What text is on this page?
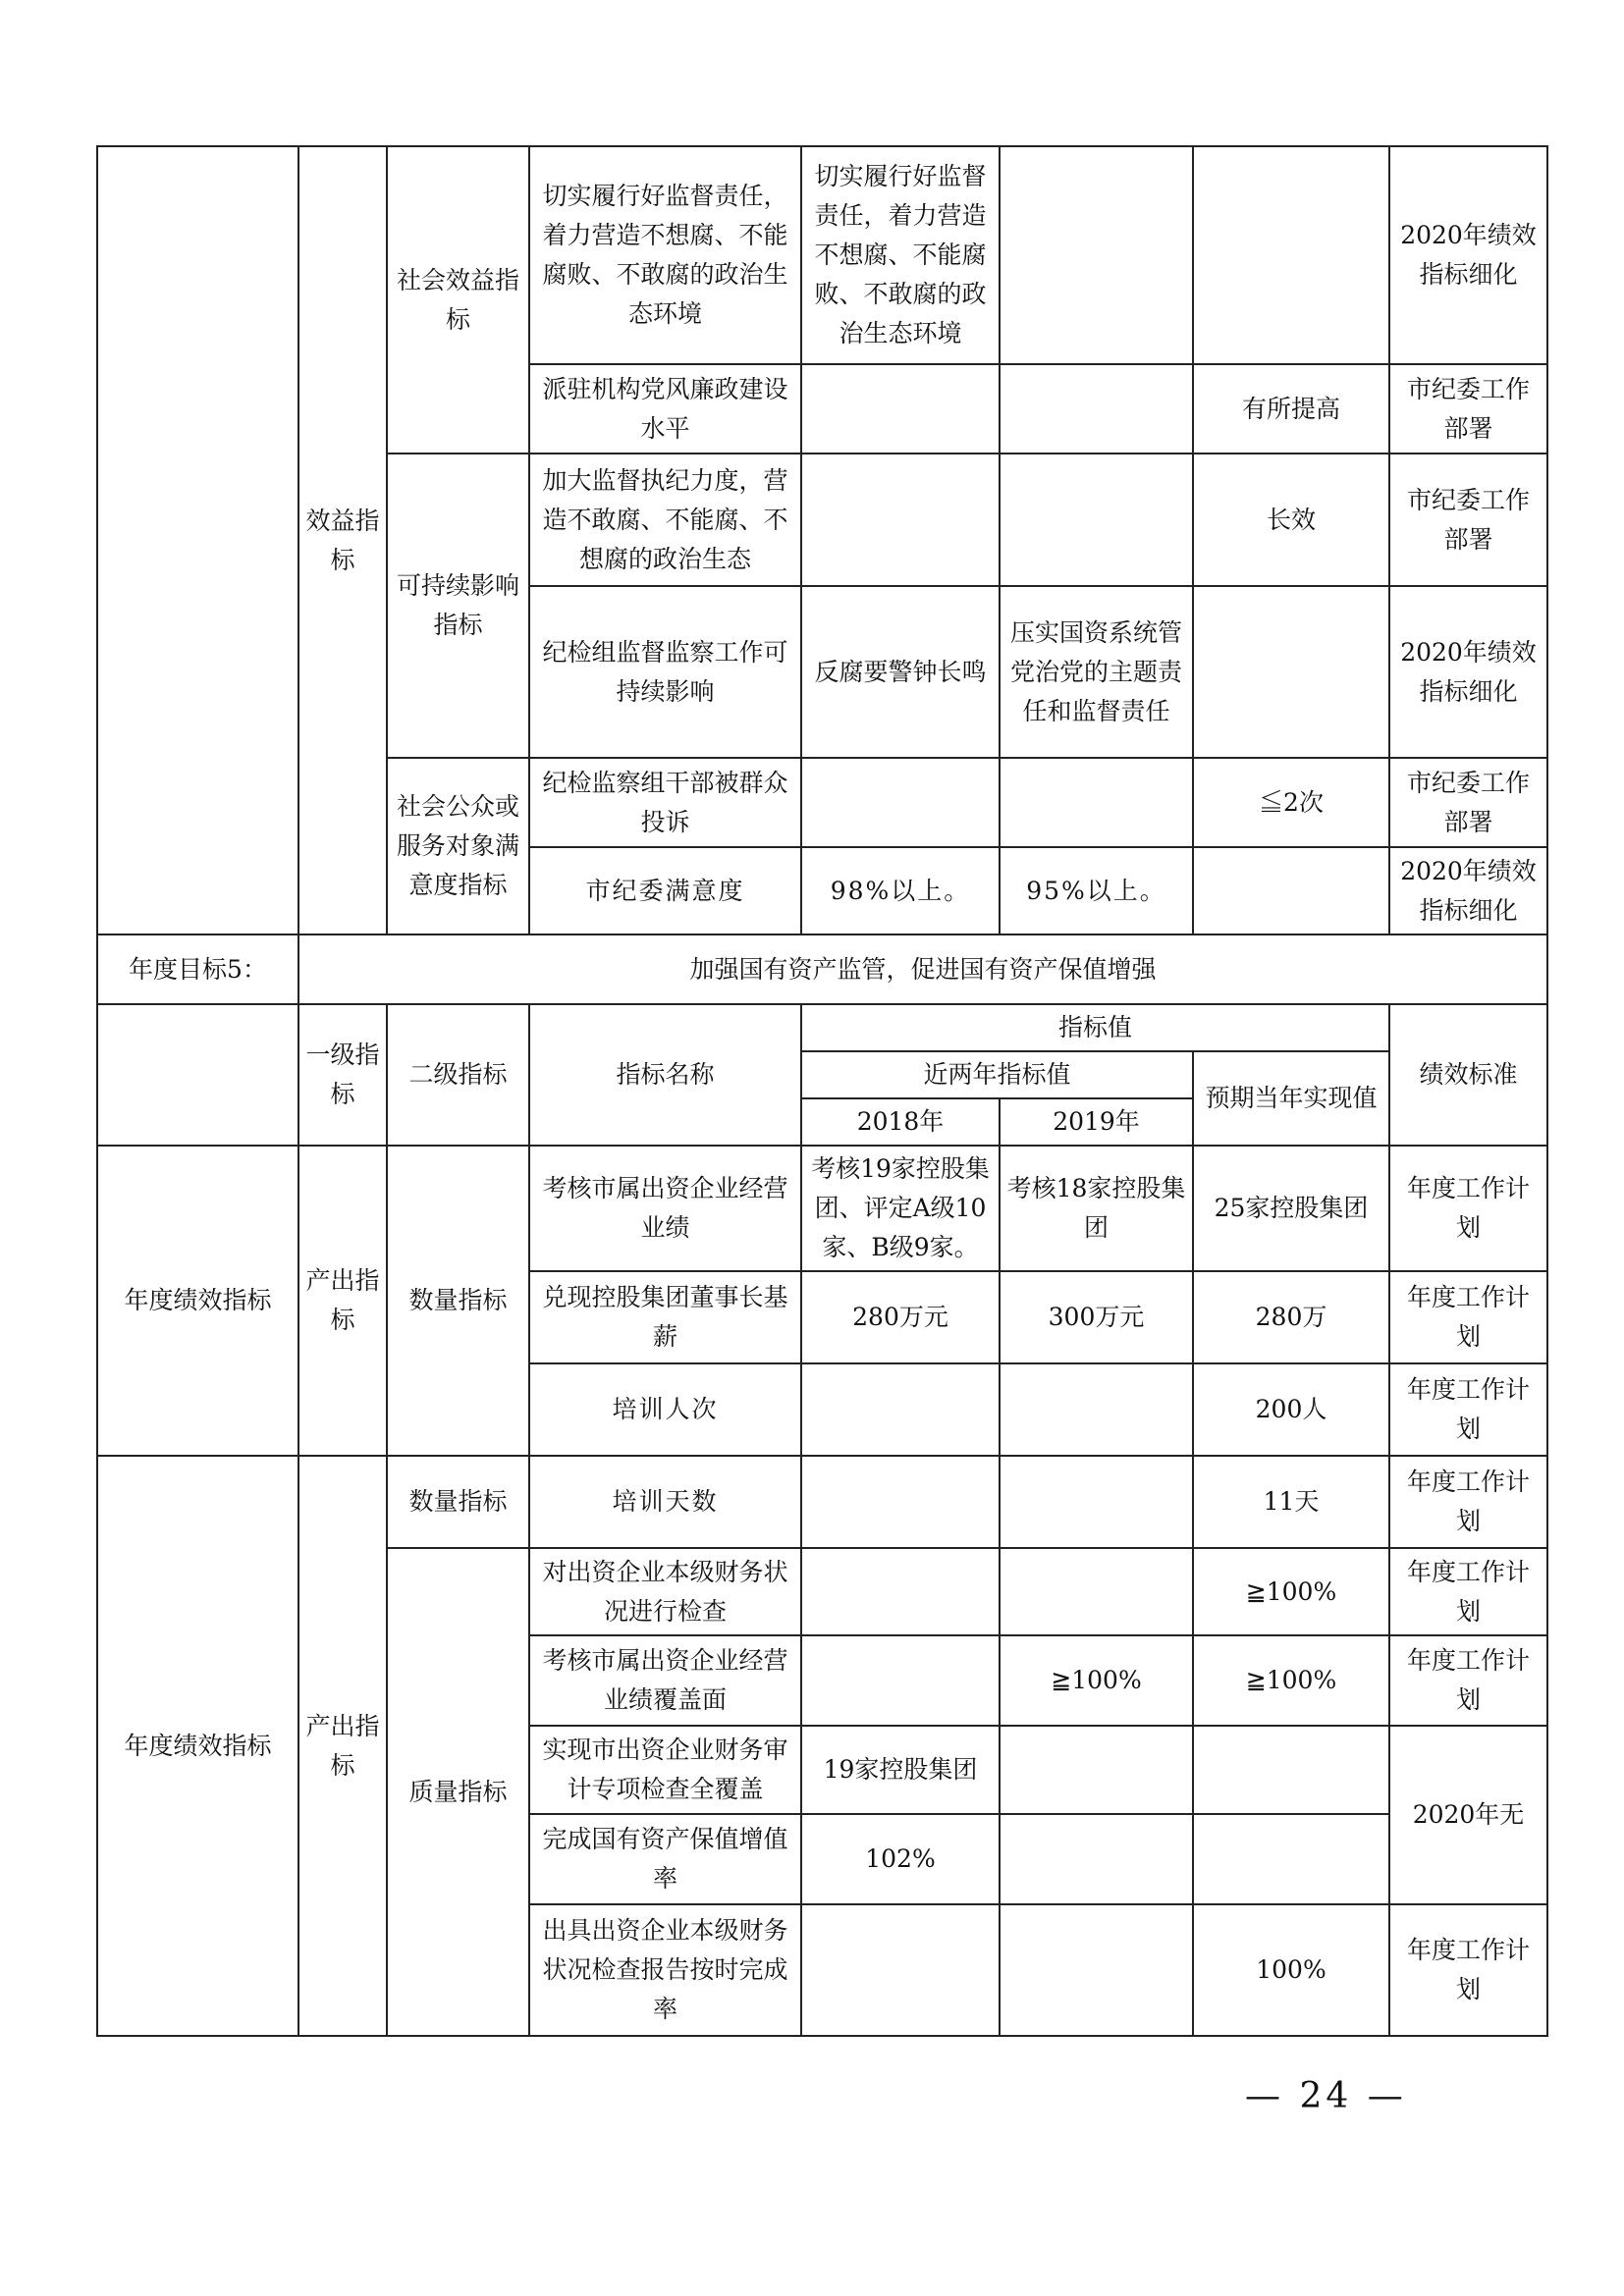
	效益指标	社会效益指标	切实履行好监督责任，着力营造不想腐、不能腐败、不敢腐的政治生态环境	切实履行好监督责任，着力营造不想腐、不能腐败、不敢腐的政治生态环境			2020年绩效指标细化
			派驻机构党风廉政建设水平			有所提高	市纪委工作部署
		可持续影响指标	加大监督执纪力度，营造不敢腐、不能腐、不想腐的政治生态			长效	市纪委工作部署
			纪检组监督监察工作可持续影响	反腐要警钟长鸣	压实国资系统管党治党的主题责任和监督责任		2020年绩效指标细化
		社会公众或服务对象满意度指标	纪检监察组干部被群众投诉			≦2次	市纪委工作部署
			市纪委满意度	98%以上。	95%以上。		2020年绩效指标细化
年度目标5：	加强国有资产监管，促进国有资产保值增强						
	一级指标	二级指标	指标名称	指标值			绩效标准
				近两年指标值		预期当年实现值	
				2018年	2019年		
年度绩效指标	产出指标	数量指标	考核市属出资企业经营业绩	考核19家控股集团、评定A级10家、B级9家。	考核18家控股集团	25家控股集团	年度工作计划
			兑现控股集团董事长基薪	280万元	300万元	280万	年度工作计划
			培训人次			200人	年度工作计划
年度绩效指标	产出指标	数量指标	培训天数			11天	年度工作计划
		质量指标	对出资企业本级财务状况进行检查			≧100%	年度工作计划
			考核市属出资企业经营业绩覆盖面		≧100%	≧100%	年度工作计划
			实现市出资企业财务审计专项检查全覆盖	19家控股集团			2020年无
			完成国有资产保值增值率	102%			
			出具出资企业本级财务状况检查报告按时完成率			100%	年度工作计划
— 24 —
